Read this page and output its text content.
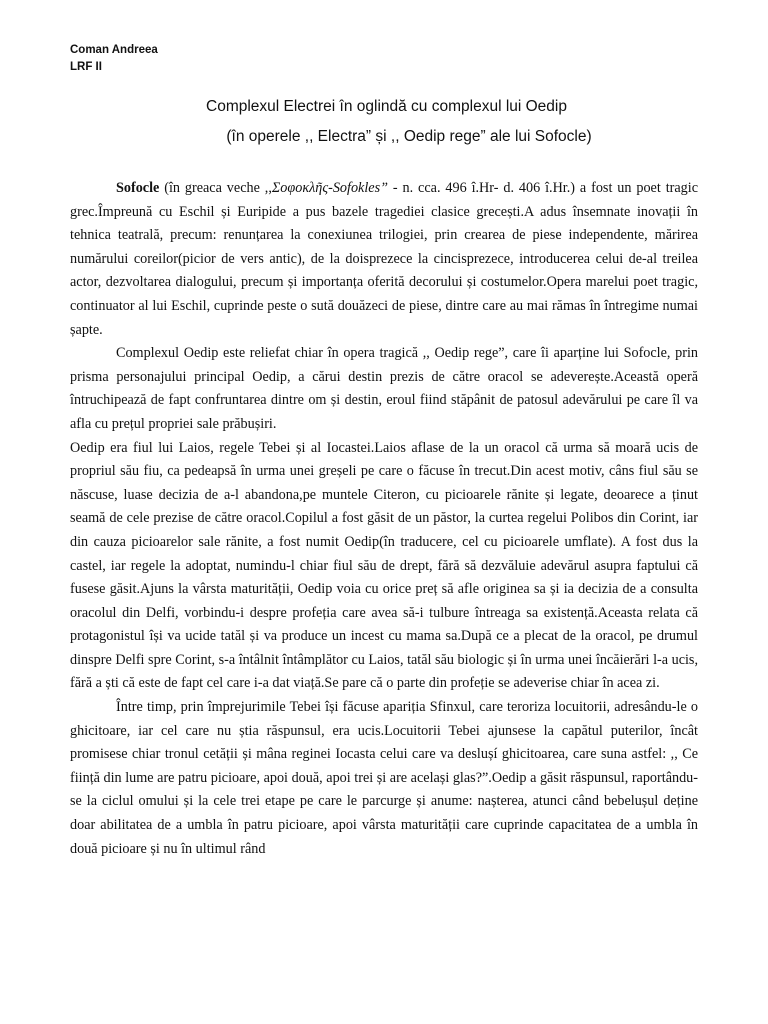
Coman Andreea
LRF II
Complexul Electrei în oglindă cu complexul lui Oedip
(în operele ,, Electra” și ,, Oedip rege” ale lui Sofocle)

Sofocle (în greaca veche ,,Σοφοκλῆς-Sofokles” - n. cca. 496 î.Hr- d. 406 î.Hr.) a fost un poet tragic grec.Împreună cu Eschil și Euripide a pus bazele tragediei clasice grecești.A adus însemnate inovații în tehnica teatrală, precum: renunțarea la conexiunea trilogiei, prin crearea de piese independente, mărirea numărului coreilor(picior de vers antic), de la doisprezece la cincisprezece, introducerea celui de-al treilea actor, dezvoltarea dialogului, precum și importanța oferită decorului și costumelor.Opera marelui poet tragic, continuator al lui Eschil, cuprinde peste o sută douăzeci de piese, dintre care au mai rămas în întregime numai șapte.

Complexul Oedip este reliefat chiar în opera tragică ,, Oedip rege”, care îi aparține lui Sofocle, prin prisma personajului principal Oedip, a cărui destin prezis de către oracol se adeverește.Această operă întruchipează de fapt confruntarea dintre om și destin, eroul fiind stăpânit de patosul adevărului pe care îl va afla cu prețul propriei sale prăbușiri.

Oedip era fiul lui Laios, regele Tebei și al Iocastei.Laios aflase de la un oracol că urma să moară ucis de propriul său fiu, ca pedeapsă în urma unei greșeli pe care o făcuse în trecut.Din acest motiv, câns fiul său se născuse, luase decizia de a-l abandona,pe muntele Citeron, cu picioarele rănite și legate, deoarece a ținut seamă de cele prezise de către oracol.Copilul a fost găsit de un păstor, la curtea regelui Polibos din Corint, iar din cauza picioarelor sale rănite, a fost numit Oedip(în traducere, cel cu picioarele umflate). A fost dus la castel, iar regele la adoptat, numindu-l chiar fiul său de drept, fără să dezvăluie adevărul asupra faptului că fusese găsit.Ajuns la vârsta maturității, Oedip voia cu orice preț să afle originea sa și ia decizia de a consulta oracolul din Delfi, vorbindu-i despre profeția care avea să-i tulbure întreaga sa existență.Aceasta relata că protagonistul își va ucide tatăl și va produce un incest cu mama sa.După ce a plecat de la oracol, pe drumul dinspre Delfi spre Corint, s-a întâlnit întâmplător cu Laios, tatăl său biologic și în urma unei încăierări l-a ucis, fără a ști că este de fapt cel care i-a dat viață.Se pare că o parte din profeție se adeverise chiar în acea zi.

Între timp, prin împrejurimile Tebei își făcuse apariția Sfinxul, care teroriza locuitorii, adresându-le o ghicitoare, iar cel care nu știa răspunsul, era ucis.Locuitorii Tebei ajunsese la capătul puterilor, încât promisese chiar tronul cetății și mâna reginei Iocasta celui care va deslușí ghicitoarea, care suna astfel: ,, Ce ființă din lume are patru picioare, apoi două, apoi trei și are același glas?”.Oedip a găsit răspunsul, raportându-se la ciclul omului și la cele trei etape pe care le parcurge și anume: nașterea, atunci când bebelușul deține doar abilitatea de a umbla în patru picioare, apoi vârsta maturității care cuprinde capacitatea de a umbla în două picioare și nu în ultimul rând
